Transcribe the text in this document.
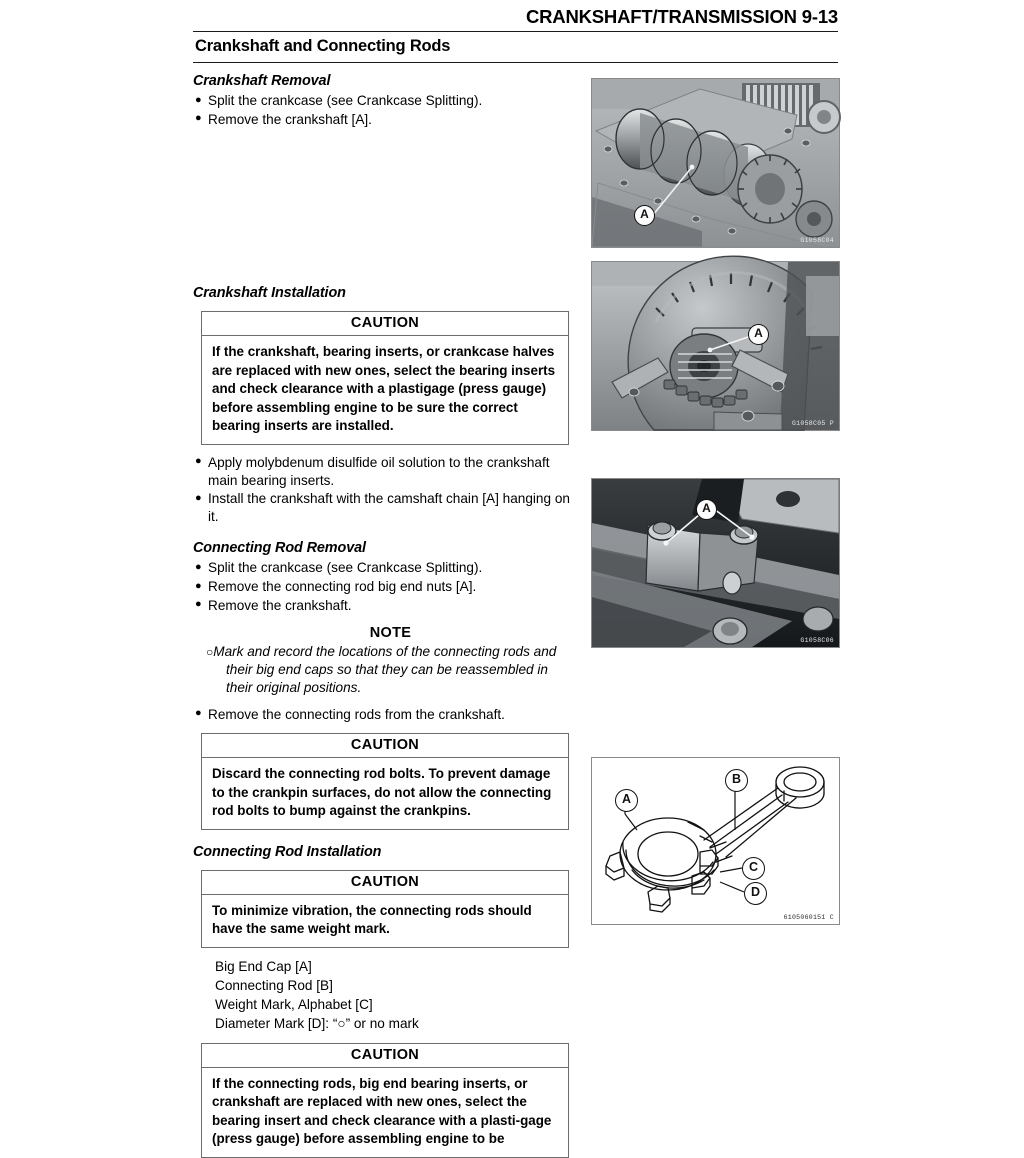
CRANKSHAFT/TRANSMISSION 9-13
Crankshaft and Connecting Rods
Crankshaft Removal
● Split the crankcase (see Crankcase Splitting).
● Remove the crankshaft [A].
Crankshaft Installation
CAUTION

If the crankshaft, bearing inserts, or crankcase halves are replaced with new ones, select the bearing inserts and check clearance with a plastigage (press gauge) before assembling engine to be sure the correct bearing inserts are installed.

● Apply molybdenum disulfide oil solution to the crankshaft main bearing inserts.
● Install the crankshaft with the camshaft chain [A] hanging on it.
Connecting Rod Removal
● Split the crankcase (see Crankcase Splitting).
● Remove the connecting rod big end nuts [A].
● Remove the crankshaft.
NOTE
○Mark and record the locations of the connecting rods and their big end caps so that they can be reassembled in their original positions.
● Remove the connecting rods from the crankshaft.
CAUTION

Discard the connecting rod bolts. To prevent damage to the crankpin surfaces, do not allow the connecting rod bolts to bump against the crankpins.

Connecting Rod Installation
CAUTION

To minimize vibration, the connecting rods should have the same weight mark.

Big End Cap [A]
Connecting Rod [B]
Weight Mark, Alphabet [C]
Diameter Mark [D]: “○” or no mark
CAUTION

If the connecting rods, big end bearing inserts, or crankshaft are replaced with new ones, select the bearing insert and check clearance with a plasti-gage (press gauge) before assembling engine to be

A
G1058C04
A
G1058C05 P
A
G1058C06
A
B
C
D
6105060151 C
